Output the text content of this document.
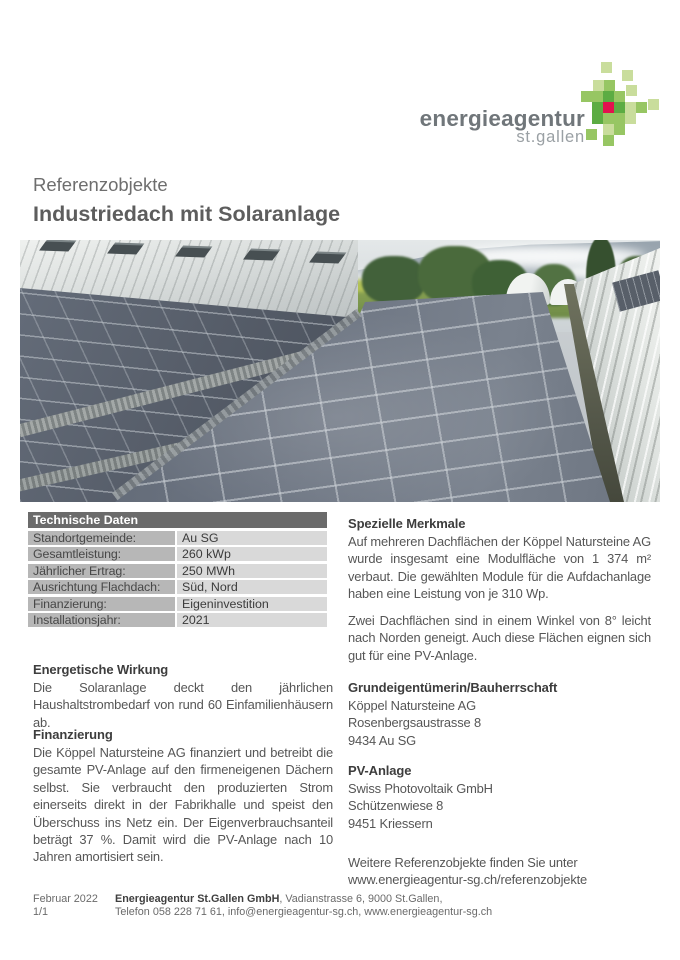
energieagentur
st.gallen
Referenzobjekte
Industriedach mit Solaranlage
Technische Daten
Standortgemeinde:	Au SG
Gesamtleistung:	260 kWp
Jährlicher Ertrag:	250 MWh
Ausrichtung Flachdach:	Süd, Nord
Finanzierung:	Eigeninvestition
Installationsjahr:	2021
Energetische Wirkung
Die Solaranlage deckt den jährlichen Haushaltstrombedarf von rund 60 Einfamilienhäusern ab.
Finanzierung
Die Köppel Natursteine AG finanziert und betreibt die gesamte PV-Anlage auf den firmeneigenen Dächern selbst. Sie verbraucht den produzierten Strom einerseits direkt in der Fabrikhalle und speist den Überschuss ins Netz ein. Der Eigenverbrauchsanteil beträgt 37 %. Damit wird die PV-Anlage nach 10 Jahren amortisiert sein.
Spezielle Merkmale
Auf mehreren Dachflächen der Köppel Natursteine AG wurde insgesamt eine Modulfläche von 1 374 m² verbaut. Die gewählten Module für die Aufdachanlage haben eine Leistung von je 310 Wp.
Zwei Dachflächen sind in einem Winkel von 8° leicht nach Norden geneigt. Auch diese Flächen eignen sich gut für eine PV-Anlage.
Grundeigentümerin/Bauherrschaft
Köppel Natursteine AG
Rosenbergsaustrasse 8
9434 Au SG
PV-Anlage
Swiss Photovoltaik GmbH
Schützenwiese 8
9451 Kriessern
Weitere Referenzobjekte finden Sie unter
www.energieagentur-sg.ch/referenzobjekte
Februar 2022
1/1
Energieagentur St.Gallen GmbH, Vadianstrasse 6, 9000 St.Gallen,
Telefon 058 228 71 61, info@energieagentur-sg.ch, www.energieagentur-sg.ch
